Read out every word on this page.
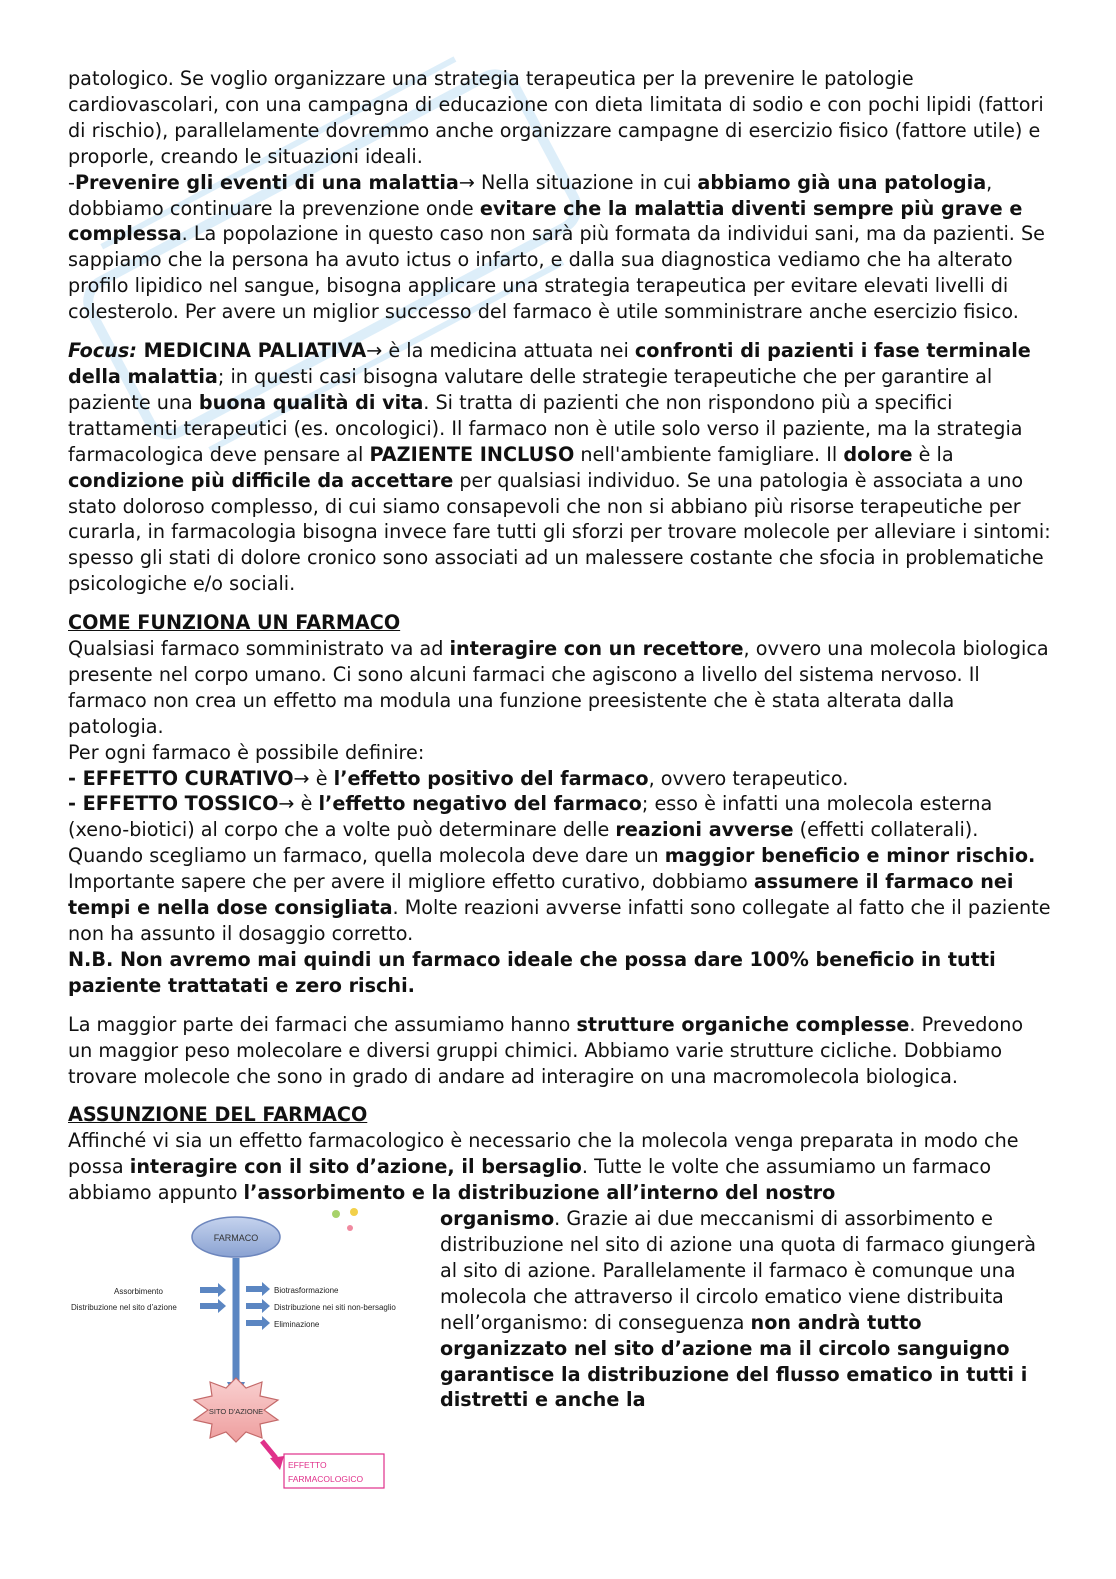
patologico. Se voglio organizzare una strategia terapeutica per la prevenire le patologie cardiovascolari, con una campagna di educazione con dieta limitata di sodio e con pochi lipidi (fattori di rischio), parallelamente dovremmo anche organizzare campagne di esercizio fisico (fattore utile) e proporle, creando le situazioni ideali.

-Prevenire gli eventi di una malattia→ Nella situazione in cui abbiamo già una patologia, dobbiamo continuare la prevenzione onde evitare che la malattia diventi sempre più grave e complessa. La popolazione in questo caso non sarà più formata da individui sani, ma da pazienti. Se sappiamo che la persona ha avuto ictus o infarto, e dalla sua diagnostica vediamo che ha alterato profilo lipidico nel sangue, bisogna applicare una strategia terapeutica per evitare elevati livelli di colesterolo. Per avere un miglior successo del farmaco è utile somministrare anche esercizio fisico.

Focus: MEDICINA PALIATIVA→ è la medicina attuata nei confronti di pazienti i fase terminale della malattia; in questi casi bisogna valutare delle strategie terapeutiche che per garantire al paziente una buona qualità di vita. Si tratta di pazienti che non rispondono più a specifici trattamenti terapeutici (es. oncologici). Il farmaco non è utile solo verso il paziente, ma la strategia farmacologica deve pensare al PAZIENTE INCLUSO nell'ambiente famigliare. Il dolore è la condizione più difficile da accettare per qualsiasi individuo. Se una patologia è associata a uno stato doloroso complesso, di cui siamo consapevoli che non si abbiano più risorse terapeutiche per curarla, in farmacologia bisogna invece fare tutti gli sforzi per trovare molecole per alleviare i sintomi: spesso gli stati di dolore cronico sono associati ad un malessere costante che sfocia in problematiche psicologiche e/o sociali.

COME FUNZIONA UN FARMACO

Qualsiasi farmaco somministrato va ad interagire con un recettore, ovvero una molecola biologica presente nel corpo umano. Ci sono alcuni farmaci che agiscono a livello del sistema nervoso. Il farmaco non crea un effetto ma modula una funzione preesistente che è stata alterata dalla patologia.

Per ogni farmaco è possibile definire:

- EFFETTO CURATIVO→ è l’effetto positivo del farmaco, ovvero terapeutico.

- EFFETTO TOSSICO→ è l’effetto negativo del farmaco; esso è infatti una molecola esterna (xeno-biotici) al corpo che a volte può determinare delle reazioni avverse (effetti collaterali).

Quando scegliamo un farmaco, quella molecola deve dare un maggior beneficio e minor rischio. Importante sapere che per avere il migliore effetto curativo, dobbiamo assumere il farmaco nei tempi e nella dose consigliata. Molte reazioni avverse infatti sono collegate al fatto che il paziente non ha assunto il dosaggio corretto.

N.B. Non avremo mai quindi un farmaco ideale che possa dare 100% beneficio in tutti paziente trattatati e zero rischi.

La maggior parte dei farmaci che assumiamo hanno strutture organiche complesse. Prevedono un maggior peso molecolare e diversi gruppi chimici. Abbiamo varie strutture cicliche. Dobbiamo trovare molecole che sono in grado di andare ad interagire on una macromolecola biologica.

ASSUNZIONE DEL FARMACO

Affinché vi sia un effetto farmacologico è necessario che la molecola venga preparata in modo che possa interagire con il sito d’azione, il bersaglio. Tutte le volte che assumiamo un farmaco abbiamo appunto l’assorbimento e la distribuzione all’interno del nostro

FARMACO
Assorbimento
Distribuzione nel sito d’azione
Biotrasformazione
Distribuzione nei siti non-bersaglio
Eliminazione
SITO D'AZIONE
EFFETTO
FARMACOLOGICO

organismo. Grazie ai due meccanismi di assorbimento e distribuzione nel sito di azione una quota di farmaco giungerà al sito di azione. Parallelamente il farmaco è comunque una molecola che attraverso il circolo ematico viene distribuita nell’organismo: di conseguenza non andrà tutto organizzato nel sito d’azione ma il circolo sanguigno garantisce la distribuzione del flusso ematico in tutti i distretti e anche la
